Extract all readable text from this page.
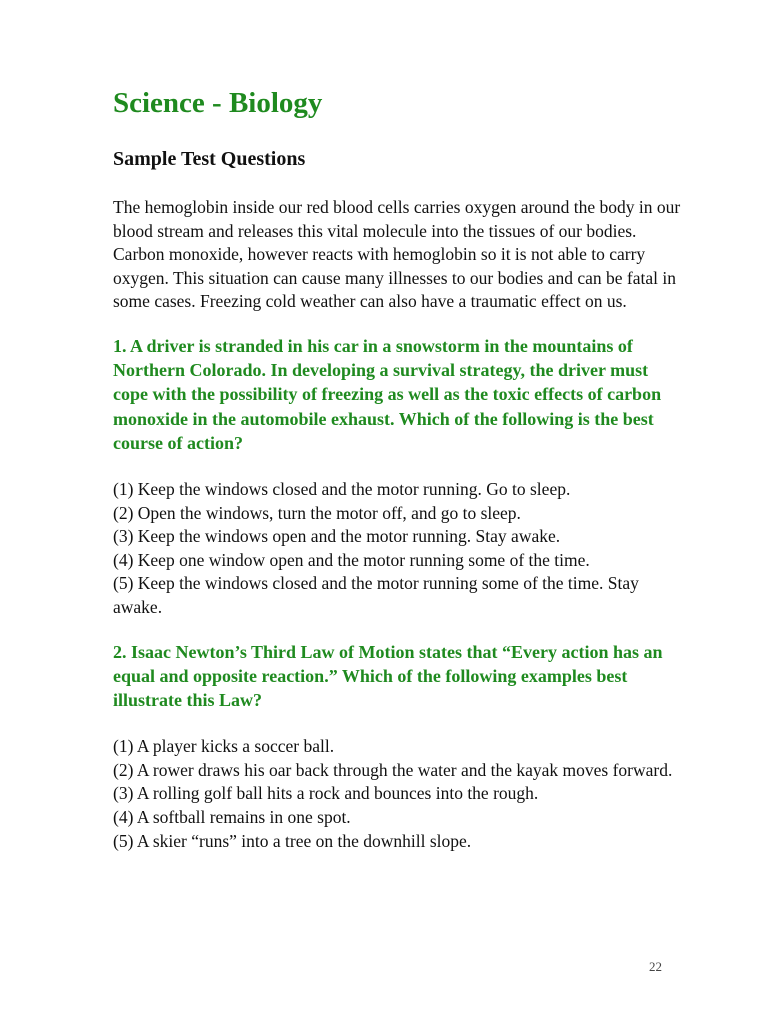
Science - Biology
Sample Test Questions
The hemoglobin inside our red blood cells carries oxygen around the body in our blood stream and releases this vital molecule into the tissues of our bodies. Carbon monoxide, however reacts with hemoglobin so it is not able to carry oxygen. This situation can cause many illnesses to our bodies and can be fatal in some cases. Freezing cold weather can also have a traumatic effect on us.
1. A driver is stranded in his car in a snowstorm in the mountains of Northern Colorado. In developing a survival strategy, the driver must cope with the possibility of freezing as well as the toxic effects of carbon monoxide in the automobile exhaust. Which of the following is the best course of action?
(1) Keep the windows closed and the motor running. Go to sleep.
(2) Open the windows, turn the motor off, and go to sleep.
(3) Keep the windows open and the motor running. Stay awake.
(4) Keep one window open and the motor running some of the time.
(5) Keep the windows closed and the motor running some of the time. Stay awake.
2. Isaac Newton’s Third Law of Motion states that “Every action has an equal and opposite reaction.” Which of the following examples best illustrate this Law?
(1) A player kicks a soccer ball.
(2) A rower draws his oar back through the water and the kayak moves forward.
(3) A rolling golf ball hits a rock and bounces into the rough.
(4) A softball remains in one spot.
(5) A skier “runs” into a tree on the downhill slope.
22
